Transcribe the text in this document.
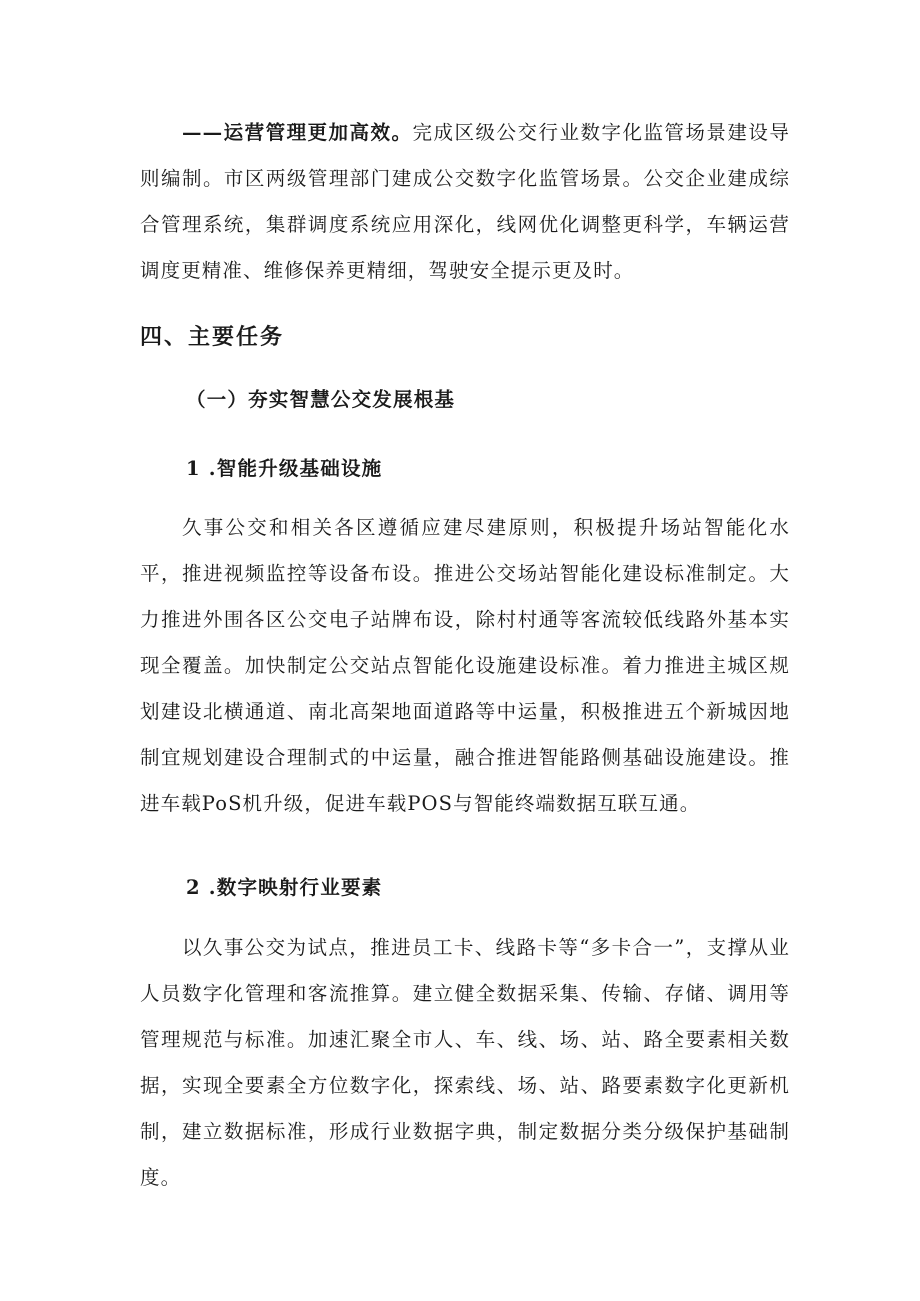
——运营管理更加高效。完成区级公交行业数字化监管场景建设导则编制。市区两级管理部门建成公交数字化监管场景。公交企业建成综合管理系统，集群调度系统应用深化，线网优化调整更科学，车辆运营调度更精准、维修保养更精细，驾驶安全提示更及时。

四、主要任务
（一）夯实智慧公交发展根基
1 .智能升级基础设施

久事公交和相关各区遵循应建尽建原则，积极提升场站智能化水平，推进视频监控等设备布设。推进公交场站智能化建设标准制定。大力推进外围各区公交电子站牌布设，除村村通等客流较低线路外基本实现全覆盖。加快制定公交站点智能化设施建设标准。着力推进主城区规划建设北横通道、南北高架地面道路等中运量，积极推进五个新城因地制宜规划建设合理制式的中运量，融合推进智能路侧基础设施建设。推进车载PoS机升级，促进车载POS与智能终端数据互联互通。

2 .数字映射行业要素

以久事公交为试点，推进员工卡、线路卡等“多卡合一”，支撑从业人员数字化管理和客流推算。建立健全数据采集、传输、存储、调用等管理规范与标准。加速汇聚全市人、车、线、场、站、路全要素相关数据，实现全要素全方位数字化，探索线、场、站、路要素数字化更新机制，建立数据标准，形成行业数据字典，制定数据分类分级保护基础制度。
